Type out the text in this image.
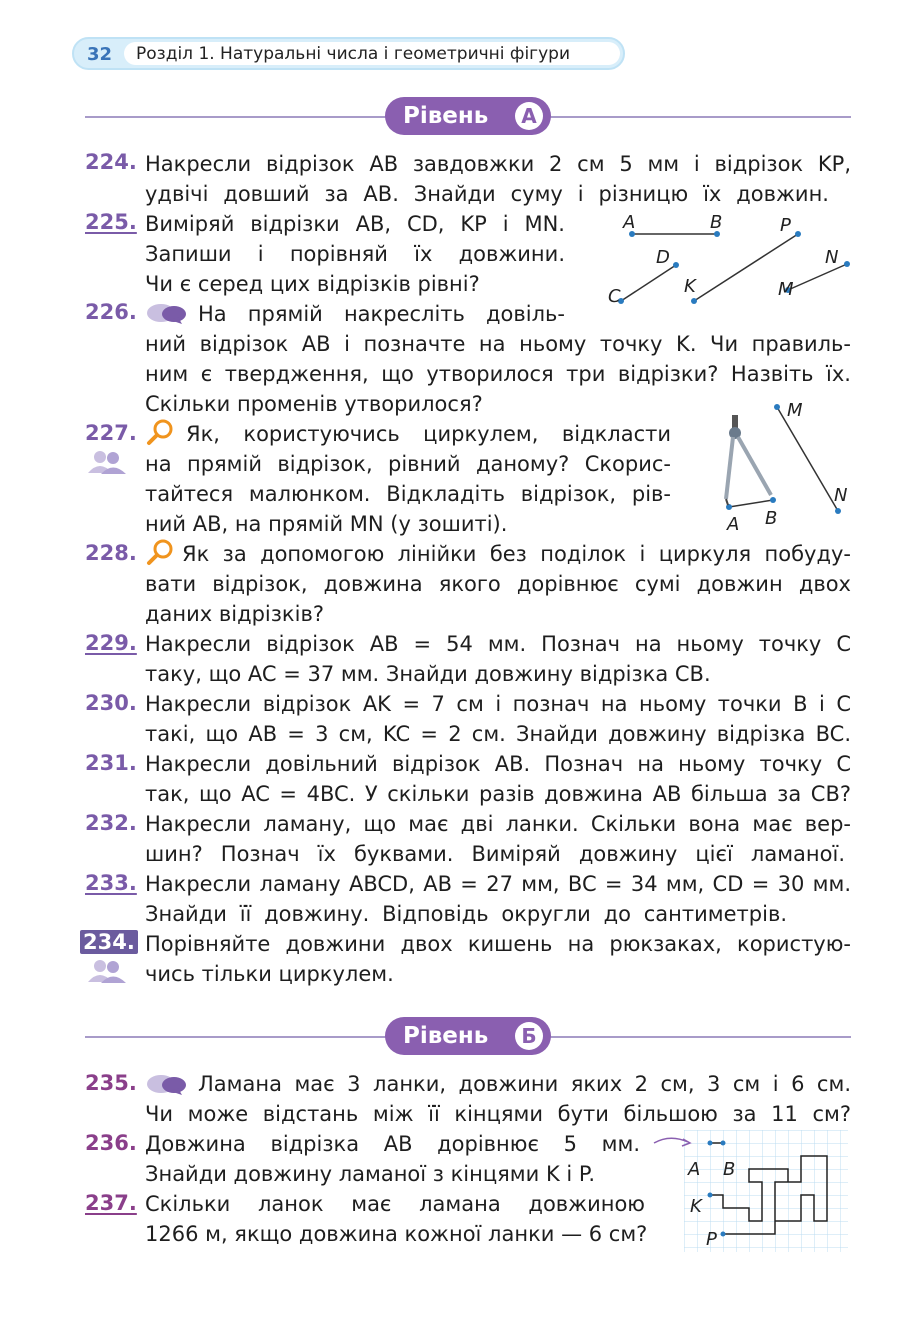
32	Розділ 1. Натуральні числа і геометричні фігури
Рівень	А
224. Накресли відрізок AB завдовжки 2 см 5 мм і відрізок KP,
удвічі довший за AB. Знайди суму і різницю їх довжин.
225. Виміряй відрізки AB, CD, KP і MN.
Запиши і порівняй їх довжини.
Чи є серед цих відрізків рівні?
A	B	P
D	N
C	K	M
226.	На прямій накресліть довіль-
ний відрізок AB і позначте на ньому точку K. Чи правиль-
ним є твердження, що утворилося три відрізки? Назвіть їх.
Скільки променів утворилося?
227. Як, користуючись циркулем, відкласти
на прямій відрізок, рівний даному? Скорис-
тайтеся малюнком. Відкладіть відрізок, рів-
ний AB, на прямій MN (у зошиті).
M
N
A B
228. Як за допомогою лінійки без поділок і циркуля побуду-
вати відрізок, довжина якого дорівнює сумі довжин двох
даних відрізків?
229. Накресли відрізок AB = 54 мм. Познач на ньому точку C
таку, що AC = 37 мм. Знайди довжину відрізка CB.
230. Накресли відрізок AK = 7 см і познач на ньому точки B і C
такі, що AB = 3 см, KC = 2 см. Знайди довжину відрізка BC.
231. Накресли довільний відрізок AB. Познач на ньому точку C
так, що AC = 4BC. У скільки разів довжина AB більша за CB?
232. Накресли ламану, що має дві ланки. Скільки вона має вер-
шин? Познач їх буквами. Виміряй довжину цієї ламаної.
233. Накресли ламану ABCD, AB = 27 мм, BC = 34 мм, CD = 30 мм.
Знайди її довжину. Відповідь округли до сантиметрів.
234. Порівняйте довжини двох кишень на рюкзаках, користую-
чись тільки циркулем.
Рівень	Б
235.	Ламана має 3 ланки, довжини яких 2 см, 3 см і 6 см.
Чи може відстань між її кінцями бути більшою за 11 см?
236. Довжина відрізка AB дорівнює 5 мм.
Знайди довжину ламаної з кінцями K і P.
237. Скільки ланок має ламана довжиною
1266 м, якщо довжина кожної ланки — 6 см?
A B
K
P
